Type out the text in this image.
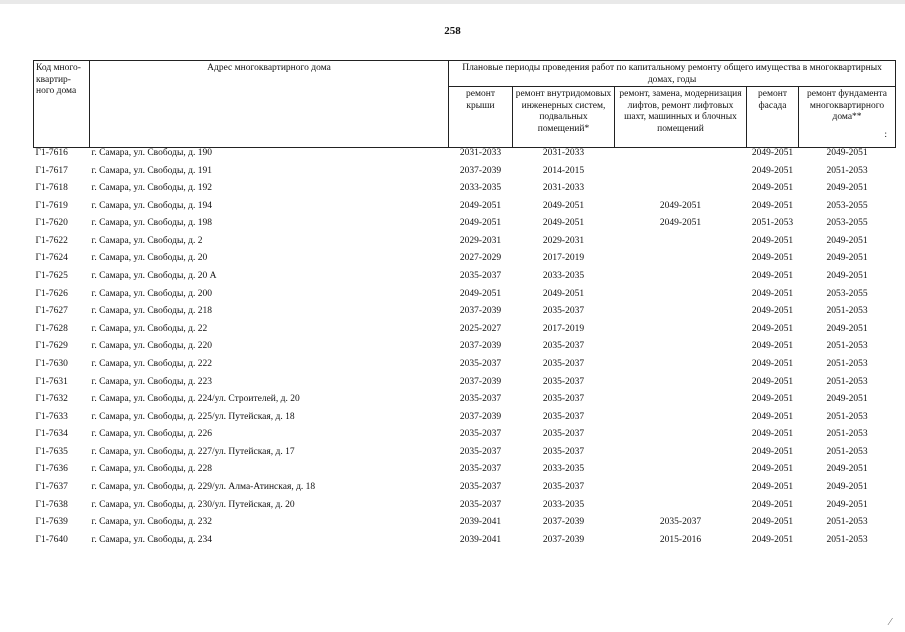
258
Код много-квартир-ного дома	Адрес многоквартирного дома	Плановые периоды проведения работ по капитальному ремонту общего имущества в многоквартирных домах, годы				
		ремонт крыши	ремонт внутридомовых инженерных систем, подвальных помещений*	ремонт, замена, модернизация лифтов, ремонт лифтовых шахт, машинных и блочных помещений	ремонт фасада	ремонт фундамента многоквартирного дома**
:

Г1-7616	г. Самара, ул. Свободы, д. 190	2031-2033	2031-2033		2049-2051	2049-2051
Г1-7617	г. Самара, ул. Свободы, д. 191	2037-2039	2014-2015		2049-2051	2051-2053
Г1-7618	г. Самара, ул. Свободы, д. 192	2033-2035	2031-2033		2049-2051	2049-2051
Г1-7619	г. Самара, ул. Свободы, д. 194	2049-2051	2049-2051	2049-2051	2049-2051	2053-2055
Г1-7620	г. Самара, ул. Свободы, д. 198	2049-2051	2049-2051	2049-2051	2051-2053	2053-2055
Г1-7622	г. Самара, ул. Свободы, д. 2	2029-2031	2029-2031		2049-2051	2049-2051
Г1-7624	г. Самара, ул. Свободы, д. 20	2027-2029	2017-2019		2049-2051	2049-2051
Г1-7625	г. Самара, ул. Свободы, д. 20 А	2035-2037	2033-2035		2049-2051	2049-2051
Г1-7626	г. Самара, ул. Свободы, д. 200	2049-2051	2049-2051		2049-2051	2053-2055
Г1-7627	г. Самара, ул. Свободы, д. 218	2037-2039	2035-2037		2049-2051	2051-2053
Г1-7628	г. Самара, ул. Свободы, д. 22	2025-2027	2017-2019		2049-2051	2049-2051
Г1-7629	г. Самара, ул. Свободы, д. 220	2037-2039	2035-2037		2049-2051	2051-2053
Г1-7630	г. Самара, ул. Свободы, д. 222	2035-2037	2035-2037		2049-2051	2051-2053
Г1-7631	г. Самара, ул. Свободы, д. 223	2037-2039	2035-2037		2049-2051	2051-2053
Г1-7632	г. Самара, ул. Свободы, д. 224/ул. Строителей, д. 20	2035-2037	2035-2037		2049-2051	2049-2051
Г1-7633	г. Самара, ул. Свободы, д. 225/ул. Путейская, д. 18	2037-2039	2035-2037		2049-2051	2051-2053
Г1-7634	г. Самара, ул. Свободы, д. 226	2035-2037	2035-2037		2049-2051	2051-2053
Г1-7635	г. Самара, ул. Свободы, д. 227/ул. Путейская, д. 17	2035-2037	2035-2037		2049-2051	2051-2053
Г1-7636	г. Самара, ул. Свободы, д. 228	2035-2037	2033-2035		2049-2051	2049-2051
Г1-7637	г. Самара, ул. Свободы, д. 229/ул. Алма-Атинская, д. 18	2035-2037	2035-2037		2049-2051	2049-2051
Г1-7638	г. Самара, ул. Свободы, д. 230/ул. Путейская, д. 20	2035-2037	2033-2035		2049-2051	2049-2051
Г1-7639	г. Самара, ул. Свободы, д. 232	2039-2041	2037-2039	2035-2037	2049-2051	2051-2053
Г1-7640	г. Самара, ул. Свободы, д. 234	2039-2041	2037-2039	2015-2016	2049-2051	2051-2053
⁄
